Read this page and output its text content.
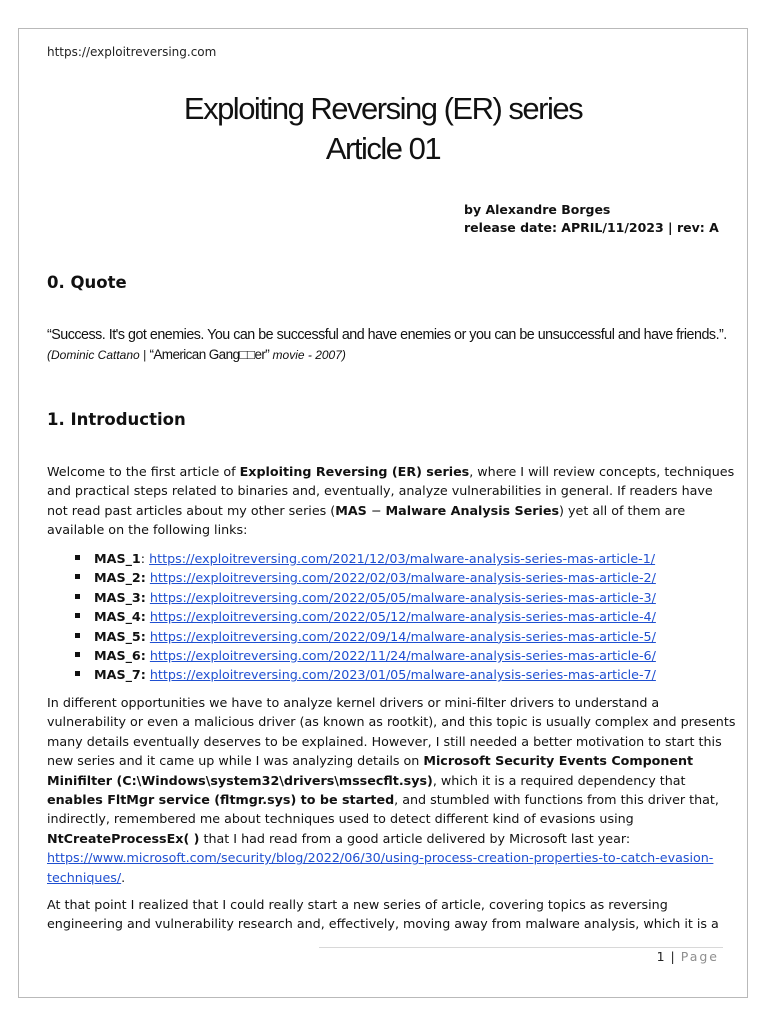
https://exploitreversing.com
Exploiting Reversing (ER) series
Article 01
by Alexandre Borges
release date: APRIL/11/2023 | rev: A
0. Quote
“Success. It's got enemies. You can be successful and have enemies or you can be unsuccessful and have friends.”. (Dominic Cattano | “American Gang□□er” movie - 2007)
1. Introduction
Welcome to the first article of Exploiting Reversing (ER) series, where I will review concepts, techniques and practical steps related to binaries and, eventually, analyze vulnerabilities in general. If readers have not read past articles about my other series (MAS − Malware Analysis Series) yet all of them are available on the following links:
MAS_1: https://exploitreversing.com/2021/12/03/malware-analysis-series-mas-article-1/
MAS_2: https://exploitreversing.com/2022/02/03/malware-analysis-series-mas-article-2/
MAS_3: https://exploitreversing.com/2022/05/05/malware-analysis-series-mas-article-3/
MAS_4: https://exploitreversing.com/2022/05/12/malware-analysis-series-mas-article-4/
MAS_5: https://exploitreversing.com/2022/09/14/malware-analysis-series-mas-article-5/
MAS_6: https://exploitreversing.com/2022/11/24/malware-analysis-series-mas-article-6/
MAS_7: https://exploitreversing.com/2023/01/05/malware-analysis-series-mas-article-7/
In different opportunities we have to analyze kernel drivers or mini-filter drivers to understand a vulnerability or even a malicious driver (as known as rootkit), and this topic is usually complex and presents many details eventually deserves to be explained. However, I still needed a better motivation to start this new series and it came up while I was analyzing details on Microsoft Security Events Component Minifilter (C:\Windows\system32\drivers\mssecflt.sys), which it is a required dependency that enables FltMgr service (fltmgr.sys) to be started, and stumbled with functions from this driver that, indirectly, remembered me about techniques used to detect different kind of evasions using NtCreateProcessEx( ) that I had read from a good article delivered by Microsoft last year: https://www.microsoft.com/security/blog/2022/06/30/using-process-creation-properties-to-catch-evasion-techniques/.
At that point I realized that I could really start a new series of article, covering topics as reversing engineering and vulnerability research and, effectively, moving away from malware analysis, which it is a
1 | Page
